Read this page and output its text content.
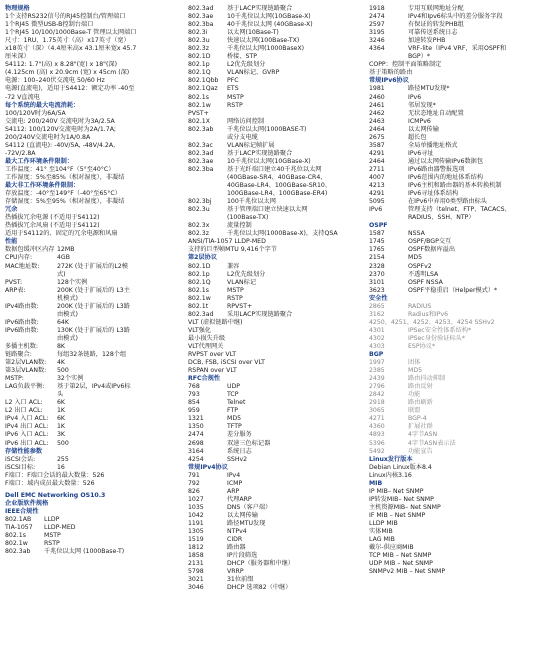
物理规格
1个支持RS232信号的RJ45控制台/管理端口
1个RJ45 微型USB-B控制台端口
1个RJ45 10/100/1000Base-T 管理以太网端口
尺寸：1RU、1.75英寸（高）x17英寸（宽）
x18英寸（深）（4.4厘米高x 43.1厘米宽x 45.7
厘米深）
S4112: 1.7"(高) x 8.28"(宽) x 18"(深)
(4.125cm (高) x 20.9cm (宽) x 45cm (深)
电源：100–240伏交流电 50/60 Hz
电源(直流电)，适用于S4412：额定功率 -40至
-72 V直流电
每个系统的最大电流消耗：
100/120V时为6A/5A
交流电: 200/240V 交流电时为3A/2.5A
S4112: 100/120V交流电时为2A/1.7A;
200/240V交流电时为1A/0.8A
S4112 (直流电): -40V/5A, -48V/4.2A,
-72V/2.8A
最大工作环境条件限制：
工作温度：41° 至104°F（5°至40°C）
工作湿度：5%至85%（相对湿度），非凝结
最大非工作环境条件限制：
存放温度：-40°至149°F（-40°至65°C）
存储湿度：5%至95%（相对湿度），非凝结
冗余
热插拔冗余电源 (不适用于S4112)
热插拔冗余风扇 (不适用于S4112)
适用于S4112的、固定的冗余电源和风扇
性能
数据包缓冲区内存 12MB
CPU内存:	4GB
MAC地址数:	272K (处于扩展后的L2模
式)
PVST:	128个实例
ARP表:	200K (处于扩展后的 L3主
机模式)
IPv4路由数:	200K (处于扩展后的 L3路
由模式)
IPv6路由数:	64K
IPv6路由数:	130K (处于扩展后的 L3路
由模式)
多播主机数:	8K
链路聚合:	每组32条链路，128个组
第2层VLAN数:	4K
第3层VLAN数:	500
MSTP:	32个实例
LAG负载平衡:	基于第2层，IPv4或IPv6标
头
L2 入口 ACL:	6K
L2 出口 ACL:	1K
IPv4 入口 ACL:	6K
IPv4 出口 ACL:	1K
IPv6 入口 ACL:	3K
IPv6 出口 ACL:	500
存储性能参数
iSCSI会话:	255
iSCSI目标:	16
F端口：F端口会话的最大数量：526
F端口：域内成员最大数量：526
Dell EMC Networking OS10.3
企业版软件规格
IEEE合规性
802.1AB	LLDP
TIA-1057	LLDP-MED
802.1s	MSTP
802.1w	RSTP
802.3ab	千兆位以太网 (1000Base-T)
802.3ad	基于LACP实现链路聚合
802.3ae	10千兆位以太网(10GBase-X)
802.3ba	40千兆位以太网 (40GBase-X)
802.3i	以太网(10Base-T)
802.3u	快速以太网(100Base-TX)
802.3z	千兆位以太网(1000BaseX)
802.1D	桥接、STP
802.1p	L2优先级划分
802.1Q	VLAN标记、GVRP
802.1Qbb	PFC
802.1Qaz	ETS
802.1s	MSTP
802.1w	RSTP
PVST+
802.1X	网络访问控制
802.3ab	千兆位以太网(1000BASE-T)
或分支电缆
802.3ac	VLAN标记帧扩展
802.3ad	基于LACP实现链路聚合
802.3ae	10千兆位以太网(10GBase-X)
802.3ba	基于光纤端口建立40千兆位以太网
(40GBase-SR4、40GBase-CR4、
40GBase-LR4、100GBase-SR10、
100GBase-LR4、100GBase-ER4)
802.3bj	100千兆位以太网
802.3u	基于管理端口建立快速以太网
(100Base-TX)
802.3x	流量控制
802.3z	千兆位以太网(1000Base-X)，支持QSA
ANSI/TIA-1057 LLDP-MED
支持的巨型帧MTU 9,416个字节
第2层协议
802.1D	兼容
802.1p	L2优先级划分
802.1Q	VLAN标记
802.1s	MSTP
802.1w	RSTP
802.1t	RPVST+
802.3ad	采用LACP实现链路聚合
VLT (虚拟链路中继)
VLT强化
最小损失升级
VLT代理网关
RVPST over VLT
DCB, FSB, iSCSI over VLT
RSPAN over VLT
RFC合规性
768	UDP
793	TCP
854	Telnet
959	FTP
1321	MD5
1350	TFTP
2474	差分服务
2698	双速三色标记器
3164	系统日志
4254	SSHv2
常规IPv4协议
791	IPv4
792	ICMP
826	ARP
1027	代理ARP
1035	DNS（客户端）
1042	以太网传输
1191	路径MTU发现
1305	NTPv4
1519	CIDR
1812	路由器
1858	IP片段筛选
2131	DHCP（服务器和中继）
5798	VRRP
3021	31位前缀
3046	DHCP 选项82（中继）
1918	专用互联网地址分配
2474	IPv4和Ipv6标头中的差分服务字段
2597	有保证的转发PHB组
3195	可靠传送系统日志
3246	加速转发PHB
4364	VRF-lite（IPv4 VRF，采用OSPF和
BGP）*
COPP：控制平面策略制定
基于策略的路由
常规IPv6协议
1981	路径MTU发现*
2460	IPv6
2461	邻居发现*
2462	无状态地址自动配置
2463	ICMPv6
2464	以太网传输
2675	超长包
3587	全局单播地址格式
4291	IPv6寻址
2464	通过以太网传输IPv6数据包
2711	IPv6路由器警报选项
4007	IPv6范围内的地址体系结构
4213	IPv6主机和路由器的基本转换机制
4291	IPv6寻址体系结构
5095	在IPv6中弃用0类型路由标头
IPv6	管理支持（telnet、FTP、TACACS、
RADIUS、SSH、NTP）
OSPF
1587	NSSA
1745	OSPF/BGP交互
1765	OSPF数据库溢出
2154	MD5
2328	OSPFv2
2370	不透明LSA
3101	OSPF NSSA
3623	OSPF平稳重启（Helper模式）*
安全性
2865	RADIUS
3162	Radius和IPv6
4250、4251、4252、4253、4254 SSHv2
4301	IPSec安全性体系结构*
4302	IPSec身份验证标头*
4303	ESP协议*
BGP
1997	团体
2385	MD5
2439	路由抖动抑制
2796	路由反射
2842	功能
2918	路由刷新
3065	联盟
4271	BGP-4
4360	扩展社群
4893	4字节ASN
5396	4字节ASN表示法
5492	功能宣告
Linux发行版本
Debian Linux版本8.4
Linux内核3.16
MIB
IP MIB– Net SNMP
IP转发MIB– Net SNMP
主机资源MIB– Net SNMP
IF MIB – Net SNMP
LLDP MIB
实体MIB
LAG MIB
戴尔-供应商MIB
TCP MIB – Net SNMP
UDP MIB – Net SNMP
SNMPv2 MIB – Net SNMP
